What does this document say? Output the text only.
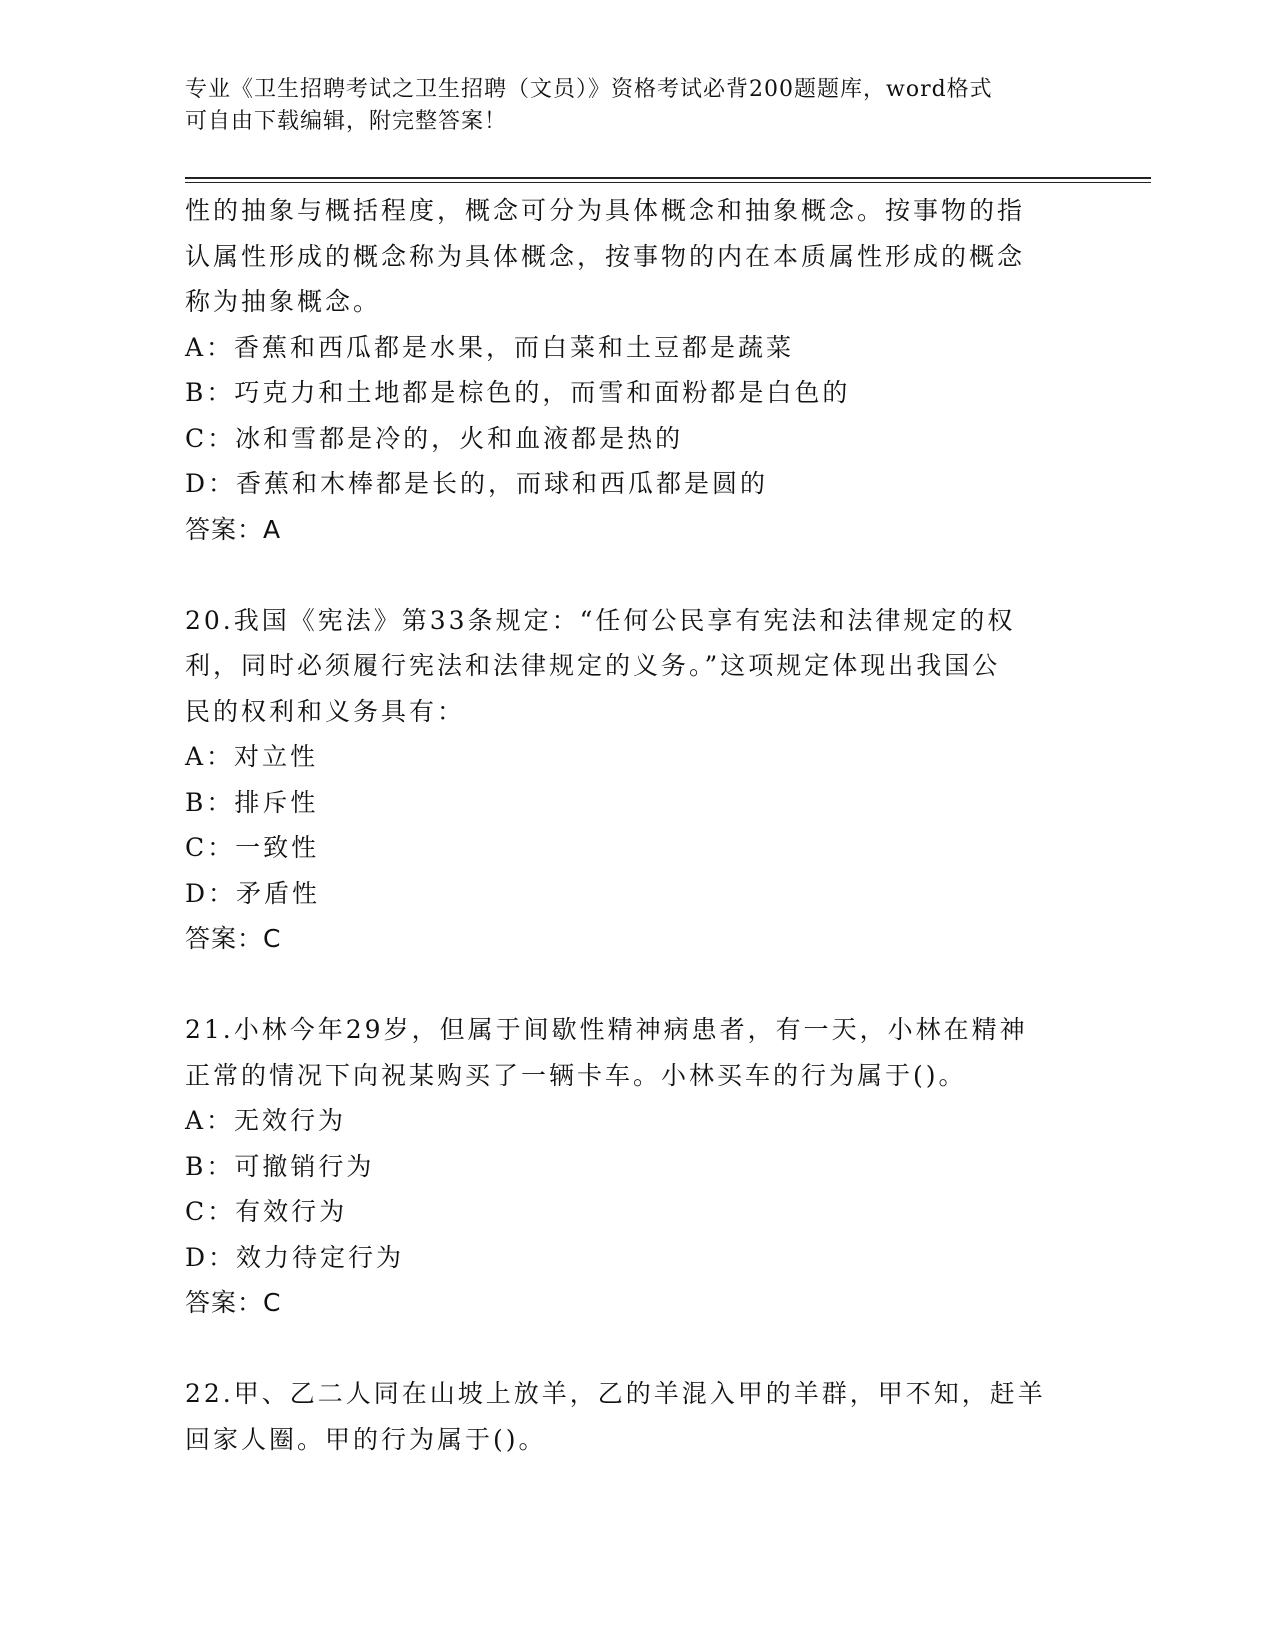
专业《卫生招聘考试之卫生招聘（文员）》资格考试必背200题题库，word格式
可自由下载编辑，附完整答案！
性的抽象与概括程度，概念可分为具体概念和抽象概念。按事物的指
认属性形成的概念称为具体概念，按事物的内在本质属性形成的概念
称为抽象概念。
A：香蕉和西瓜都是水果，而白菜和土豆都是蔬菜
B：巧克力和土地都是棕色的，而雪和面粉都是白色的
C：冰和雪都是冷的，火和血液都是热的
D：香蕉和木棒都是长的，而球和西瓜都是圆的
答案：A
20.我国《宪法》第33条规定：“任何公民享有宪法和法律规定的权
利，同时必须履行宪法和法律规定的义务。”这项规定体现出我国公
民的权利和义务具有：
A：对立性
B：排斥性
C：一致性
D：矛盾性
答案：C
21.小林今年29岁，但属于间歇性精神病患者，有一天，小林在精神
正常的情况下向祝某购买了一辆卡车。小林买车的行为属于()。
A：无效行为
B：可撤销行为
C：有效行为
D：效力待定行为
答案：C
22.甲、乙二人同在山坡上放羊，乙的羊混入甲的羊群，甲不知，赶羊
回家人圈。甲的行为属于()。
